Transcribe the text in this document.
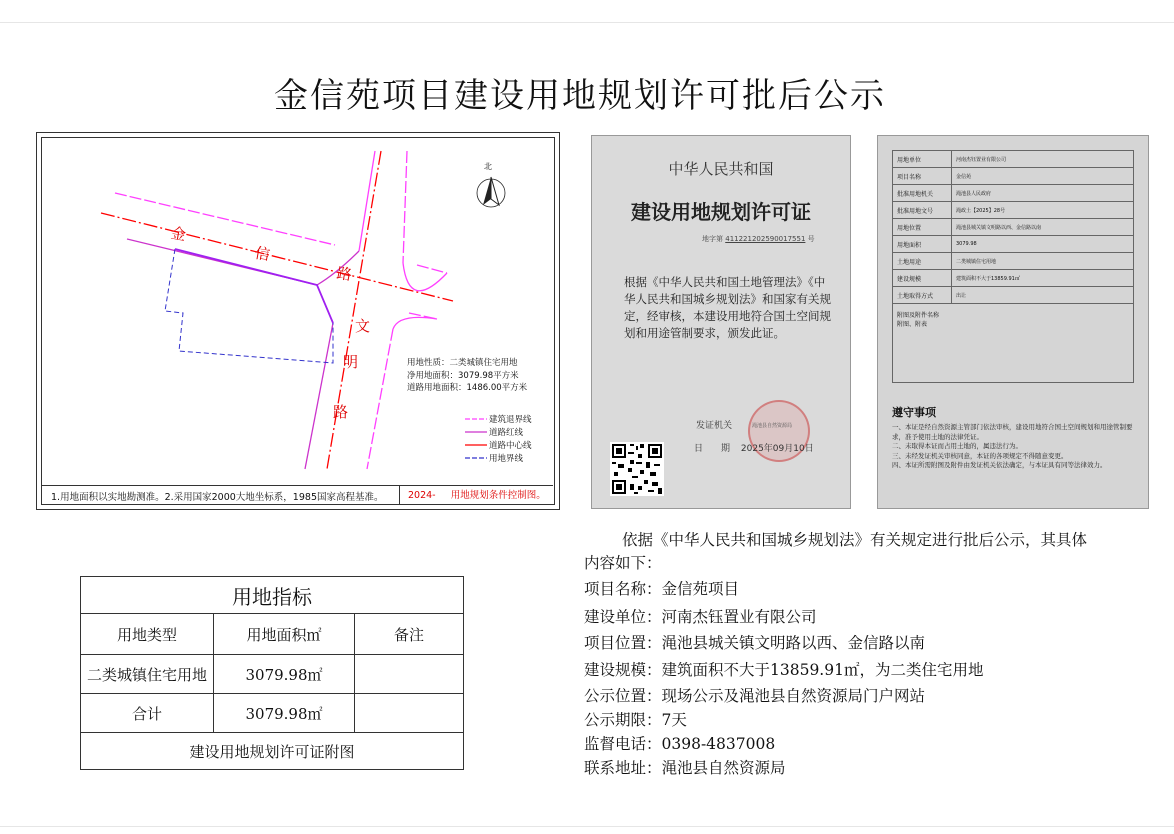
金信苑项目建设用地规划许可批后公示
北
金
信
路
文
明
路
用地性质：二类城镇住宅用地
净用地面积：3079.98平方米
道路用地面积：1486.00平方米
建筑退界线
道路红线
道路中心线
用地界线
1.用地面积以实地勘测准。2.采用国家2000大地坐标系，1985国家高程基准。	2024- 用地规划条件控制图。
中华人民共和国
建设用地规划许可证
地字第 411221202590017551 号
根据《中华人民共和国土地管理法》《中华人民共和国城乡规划法》和国家有关规定，经审核，本建设用地符合国土空间规划和用途管制要求，颁发此证。
渑池县自然资源局
发证机关
日　　期 2025年09月10日
用地单位	河南杰钰置业有限公司
项目名称	金信苑
批准用地机关	渑池县人民政府
批准用地文号	渑政土【2025】28号
用地位置	渑池县城关镇文明路以西、金信路以南
用地面积	3079.98
土地用途	二类城镇住宅用地
建设规模	建筑面积不大于13859.91㎡
土地取得方式	出让

附图及附件名称
附图、附表	
遵守事项
一、本证是经自然资源主管部门依法审核，建设用地符合国土空间规划和用途管制要求，准予使用土地的法律凭证。
二、未取得本证而占用土地的，属违法行为。
三、未经发证机关审核同意，本证的各项规定不得随意变更。
四、本证所需附图及附件由发证机关依法确定，与本证具有同等法律效力。
用地指标		
用地类型	用地面积㎡	备注
二类城镇住宅用地	3079.98㎡	
合计	3079.98㎡	
建设用地规划许可证附图		
依据《中华人民共和国城乡规划法》有关规定进行批后公示，其具体
内容如下：
项目名称：金信苑项目
建设单位：河南杰钰置业有限公司
项目位置：渑池县城关镇文明路以西、金信路以南
建设规模：建筑面积不大于13859.91㎡，为二类住宅用地
公示位置：现场公示及渑池县自然资源局门户网站
公示期限：7天
监督电话：0398-4837008
联系地址：渑池县自然资源局
